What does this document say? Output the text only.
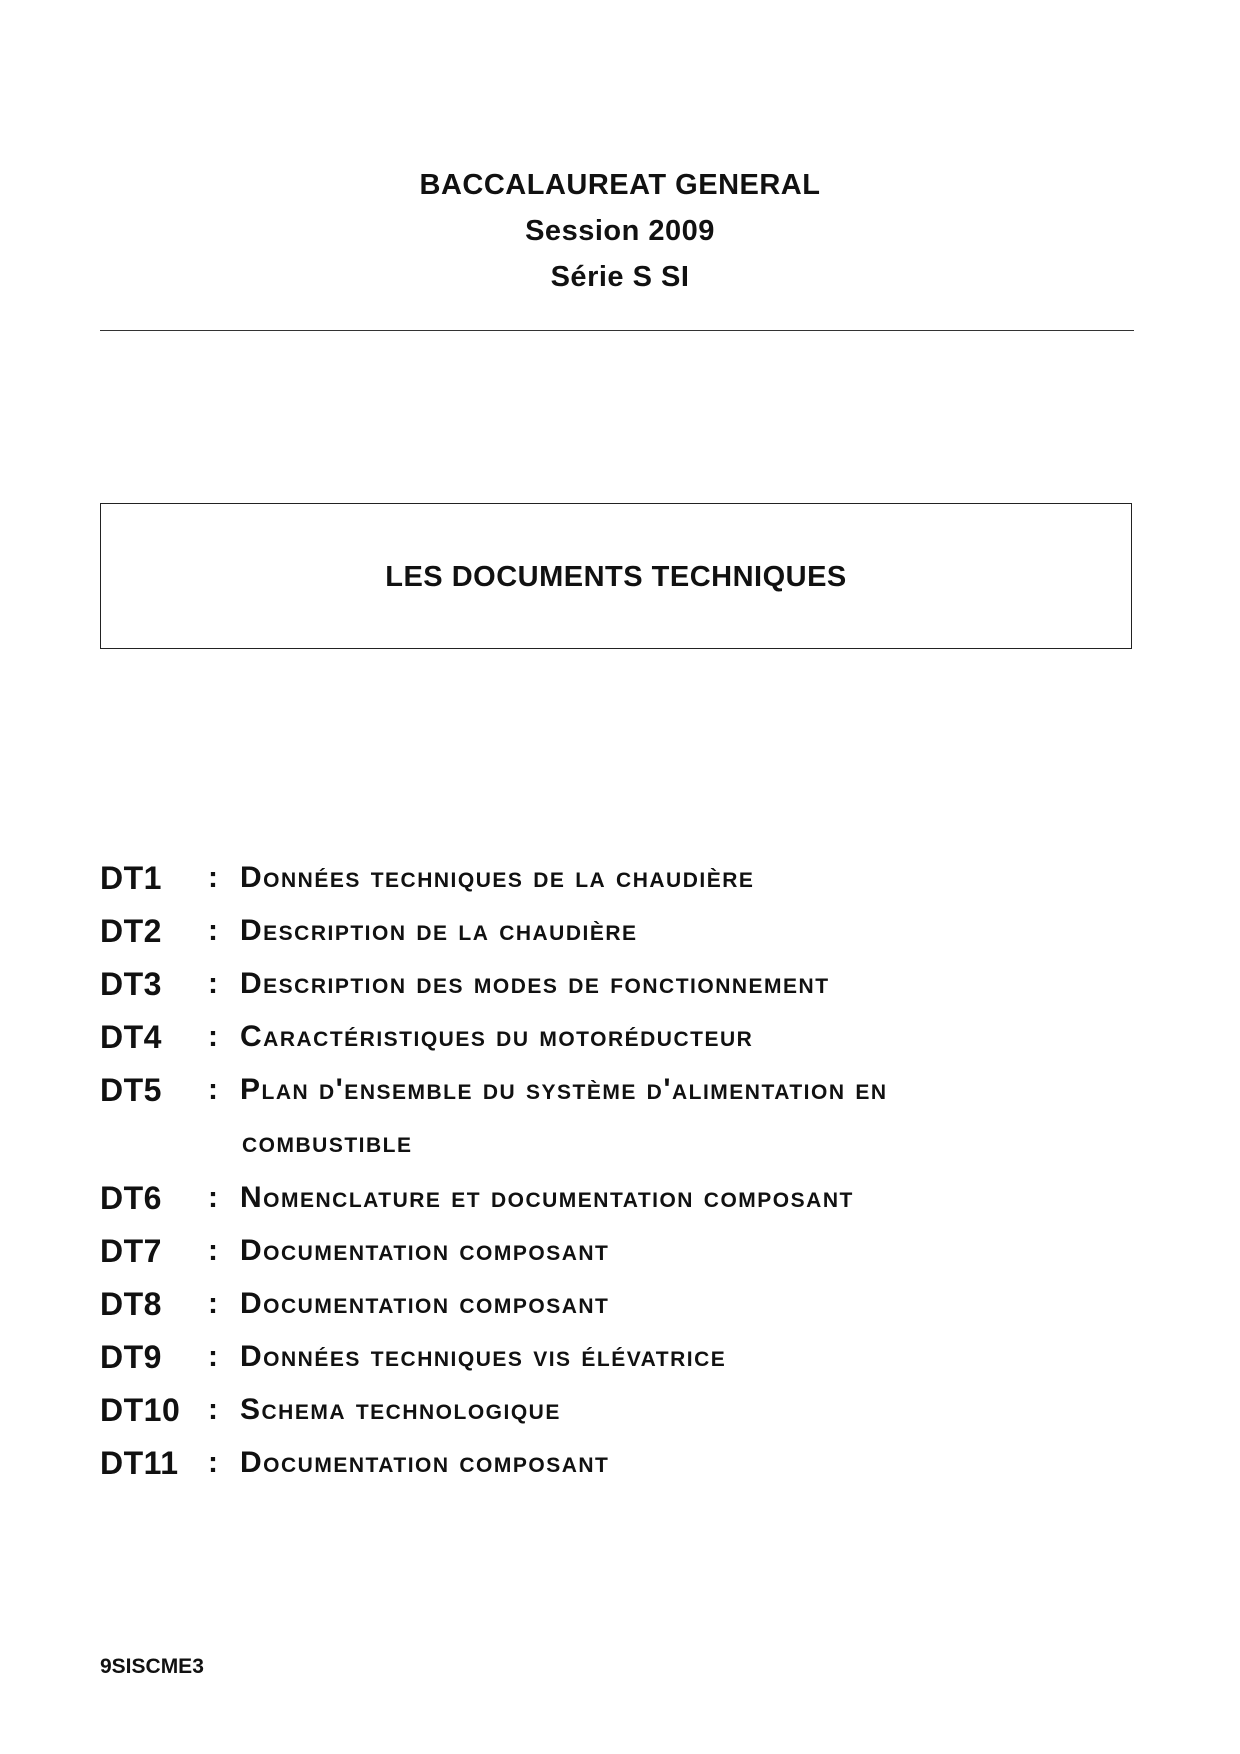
BACCALAUREAT GENERAL
Session 2009
Série S SI
LES DOCUMENTS TECHNIQUES
DT1 : données techniques de la chaudière
DT2 : description de la chaudière
DT3 : description des modes de fonctionnement
DT4 : caractéristiques du motoréducteur
DT5 : plan d'ensemble du système d'alimentation en
combustible
DT6 : nomenclature et documentation composant
DT7 : documentation composant
DT8 : documentation composant
DT9 : données techniques vis élévatrice
DT10 : schema technologique
DT11 : documentation composant
9SISCME3
